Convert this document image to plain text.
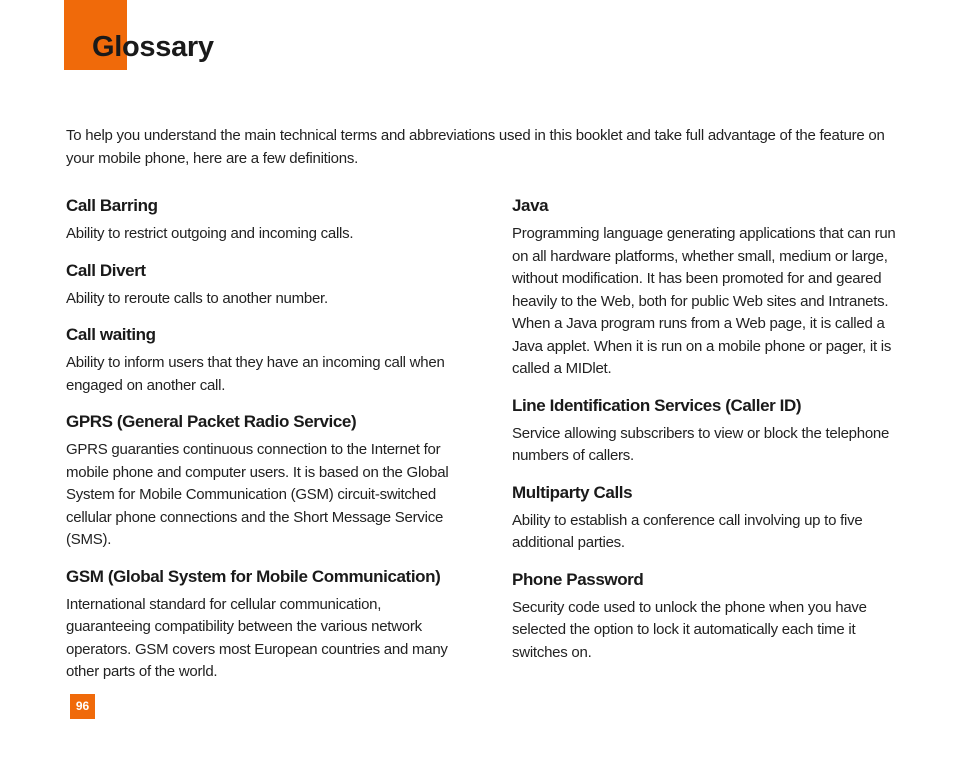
Glossary

To help you understand the main technical terms and abbreviations used in this booklet and take full advantage of the feature on your mobile phone, here are a few definitions.

Call Barring

Ability to restrict outgoing and incoming calls.

Call Divert

Ability to reroute calls to another number.

Call waiting

Ability to inform users that they have an incoming call when engaged on another call.

GPRS (General Packet Radio Service)

GPRS guaranties continuous connection to the Internet for mobile phone and computer users. It is based on the Global System for Mobile Communication (GSM) circuit-switched cellular phone connections and the Short Message Service (SMS).

GSM (Global System for Mobile Communication)

International standard for cellular communication, guaranteeing compatibility between the various network operators. GSM covers most European countries and many other parts of the world.

Java

Programming language generating applications that can run on all hardware platforms, whether small, medium or large, without modification. It has been promoted for and geared heavily to the Web, both for public Web sites and Intranets. When a Java program runs from a Web page, it is called a Java applet. When it is run on a mobile phone or pager, it is called a MIDlet.

Line Identification Services (Caller ID)

Service allowing subscribers to view or block the telephone numbers of callers.

Multiparty Calls

Ability to establish a conference call involving up to five additional parties.

Phone Password

Security code used to unlock the phone when you have selected the option to lock it automatically each time it switches on.

96
